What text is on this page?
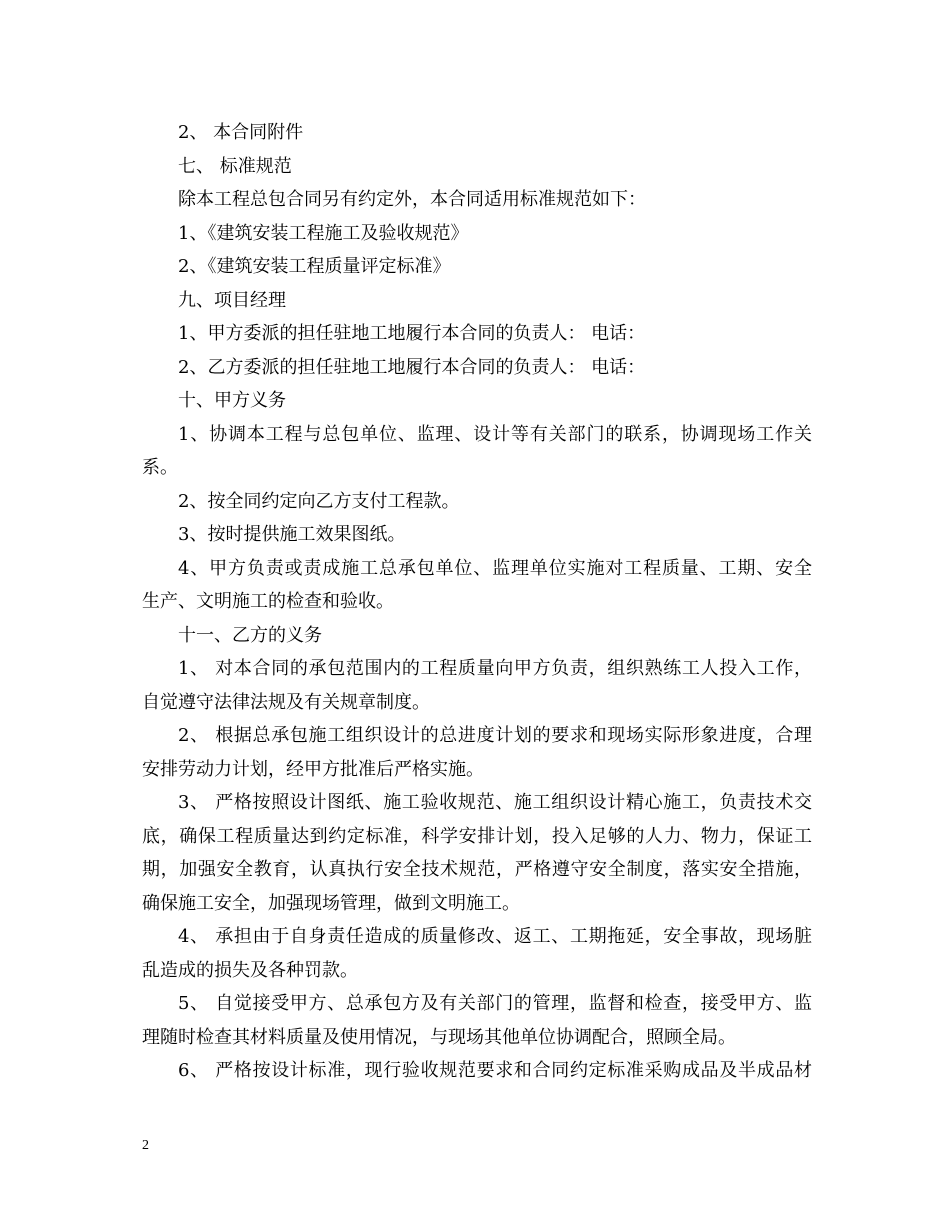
2、 本合同附件
七、 标准规范
除本工程总包合同另有约定外，本合同适用标准规范如下：
1、《建筑安装工程施工及验收规范》
2、《建筑安装工程质量评定标准》
九、项目经理
1、甲方委派的担任驻地工地履行本合同的负责人： 电话：
2、乙方委派的担任驻地工地履行本合同的负责人： 电话：
十、甲方义务
1、协调本工程与总包单位、监理、设计等有关部门的联系，协调现场工作关
系。
2、按全同约定向乙方支付工程款。
3、按时提供施工效果图纸。
4、甲方负责或责成施工总承包单位、监理单位实施对工程质量、工期、安全
生产、文明施工的检查和验收。
十一、乙方的义务
1、 对本合同的承包范围内的工程质量向甲方负责，组织熟练工人投入工作，
自觉遵守法律法规及有关规章制度。
2、 根据总承包施工组织设计的总进度计划的要求和现场实际形象进度，合理
安排劳动力计划，经甲方批准后严格实施。
3、 严格按照设计图纸、施工验收规范、施工组织设计精心施工，负责技术交
底，确保工程质量达到约定标准，科学安排计划，投入足够的人力、物力，保证工
期，加强安全教育，认真执行安全技术规范，严格遵守安全制度，落实安全措施，
确保施工安全，加强现场管理，做到文明施工。
4、 承担由于自身责任造成的质量修改、返工、工期拖延，安全事故，现场脏
乱造成的损失及各种罚款。
5、 自觉接受甲方、总承包方及有关部门的管理，监督和检查，接受甲方、监
理随时检查其材料质量及使用情况，与现场其他单位协调配合，照顾全局。
6、 严格按设计标准，现行验收规范要求和合同约定标准采购成品及半成品材
2
